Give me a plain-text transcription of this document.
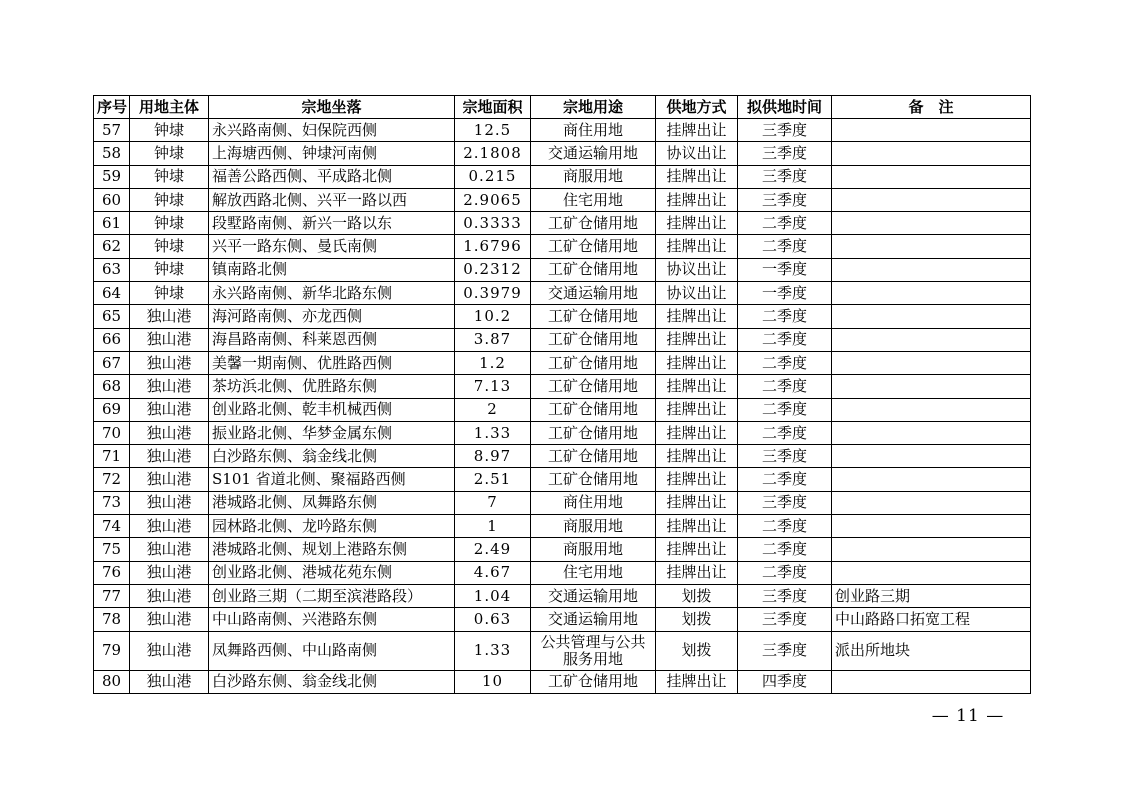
序号	用地主体	宗地坐落	宗地面积	宗地用途	供地方式	拟供地时间	备　注
57	钟埭	永兴路南侧、妇保院西侧	12.5	商住用地	挂牌出让	三季度	
58	钟埭	上海塘西侧、钟埭河南侧	2.1808	交通运输用地	协议出让	三季度	
59	钟埭	福善公路西侧、平成路北侧	0.215	商服用地	挂牌出让	三季度	
60	钟埭	解放西路北侧、兴平一路以西	2.9065	住宅用地	挂牌出让	三季度	
61	钟埭	段墅路南侧、新兴一路以东	0.3333	工矿仓储用地	挂牌出让	二季度	
62	钟埭	兴平一路东侧、曼氏南侧	1.6796	工矿仓储用地	挂牌出让	二季度	
63	钟埭	镇南路北侧	0.2312	工矿仓储用地	协议出让	一季度	
64	钟埭	永兴路南侧、新华北路东侧	0.3979	交通运输用地	协议出让	一季度	
65	独山港	海河路南侧、亦龙西侧	10.2	工矿仓储用地	挂牌出让	二季度	
66	独山港	海昌路南侧、科莱恩西侧	3.87	工矿仓储用地	挂牌出让	二季度	
67	独山港	美馨一期南侧、优胜路西侧	1.2	工矿仓储用地	挂牌出让	二季度	
68	独山港	茶坊浜北侧、优胜路东侧	7.13	工矿仓储用地	挂牌出让	二季度	
69	独山港	创业路北侧、乾丰机械西侧	2	工矿仓储用地	挂牌出让	二季度	
70	独山港	振业路北侧、华梦金属东侧	1.33	工矿仓储用地	挂牌出让	二季度	
71	独山港	白沙路东侧、翁金线北侧	8.97	工矿仓储用地	挂牌出让	三季度	
72	独山港	S101 省道北侧、聚福路西侧	2.51	工矿仓储用地	挂牌出让	二季度	
73	独山港	港城路北侧、凤舞路东侧	7	商住用地	挂牌出让	三季度	
74	独山港	园林路北侧、龙吟路东侧	1	商服用地	挂牌出让	二季度	
75	独山港	港城路北侧、规划上港路东侧	2.49	商服用地	挂牌出让	二季度	
76	独山港	创业路北侧、港城花苑东侧	4.67	住宅用地	挂牌出让	二季度	
77	独山港	创业路三期（二期至滨港路段）	1.04	交通运输用地	划拨	三季度	创业路三期
78	独山港	中山路南侧、兴港路东侧	0.63	交通运输用地	划拨	三季度	中山路路口拓宽工程
79	独山港	凤舞路西侧、中山路南侧	1.33	公共管理与公共服务用地	划拨	三季度	派出所地块
80	独山港	白沙路东侧、翁金线北侧	10	工矿仓储用地	挂牌出让	四季度	
— 11 —
